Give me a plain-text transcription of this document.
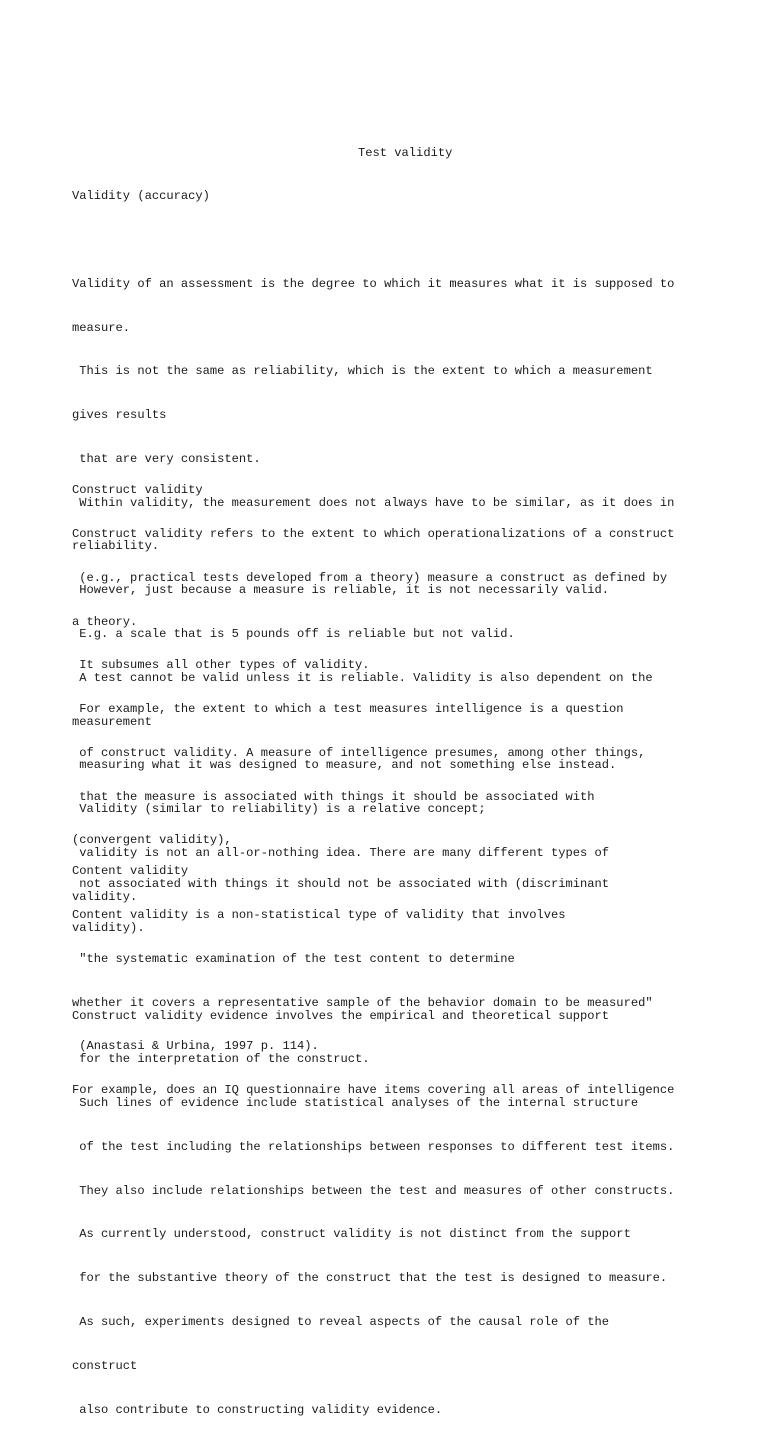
Test validity

Validity (accuracy)

Validity of an assessment is the degree to which it measures what it is supposed to

measure.

This is not the same as reliability, which is the extent to which a measurement

gives results

that are very consistent.

Within validity, the measurement does not always have to be similar, as it does in

reliability.

However, just because a measure is reliable, it is not necessarily valid.

E.g. a scale that is 5 pounds off is reliable but not valid.

A test cannot be valid unless it is reliable. Validity is also dependent on the

measurement

measuring what it was designed to measure, and not something else instead.

Validity (similar to reliability) is a relative concept;

validity is not an all-or-nothing idea. There are many different types of

validity.

Construct validity

Construct validity refers to the extent to which operationalizations of a construct

(e.g., practical tests developed from a theory) measure a construct as defined by

a theory.

It subsumes all other types of validity.

For example, the extent to which a test measures intelligence is a question

of construct validity. A measure of intelligence presumes, among other things,

that the measure is associated with things it should be associated with

(convergent validity),

not associated with things it should not be associated with (discriminant

validity).

Construct validity evidence involves the empirical and theoretical support

for the interpretation of the construct.

Such lines of evidence include statistical analyses of the internal structure

of the test including the relationships between responses to different test items.

They also include relationships between the test and measures of other constructs.

As currently understood, construct validity is not distinct from the support

for the substantive theory of the construct that the test is designed to measure.

As such, experiments designed to reveal aspects of the causal role of the

construct

also contribute to constructing validity evidence.

Content validity

Content validity is a non-statistical type of validity that involves

"the systematic examination of the test content to determine

whether it covers a representative sample of the behavior domain to be measured"

(Anastasi & Urbina, 1997 p. 114).

For example, does an IQ questionnaire have items covering all areas of intelligence
